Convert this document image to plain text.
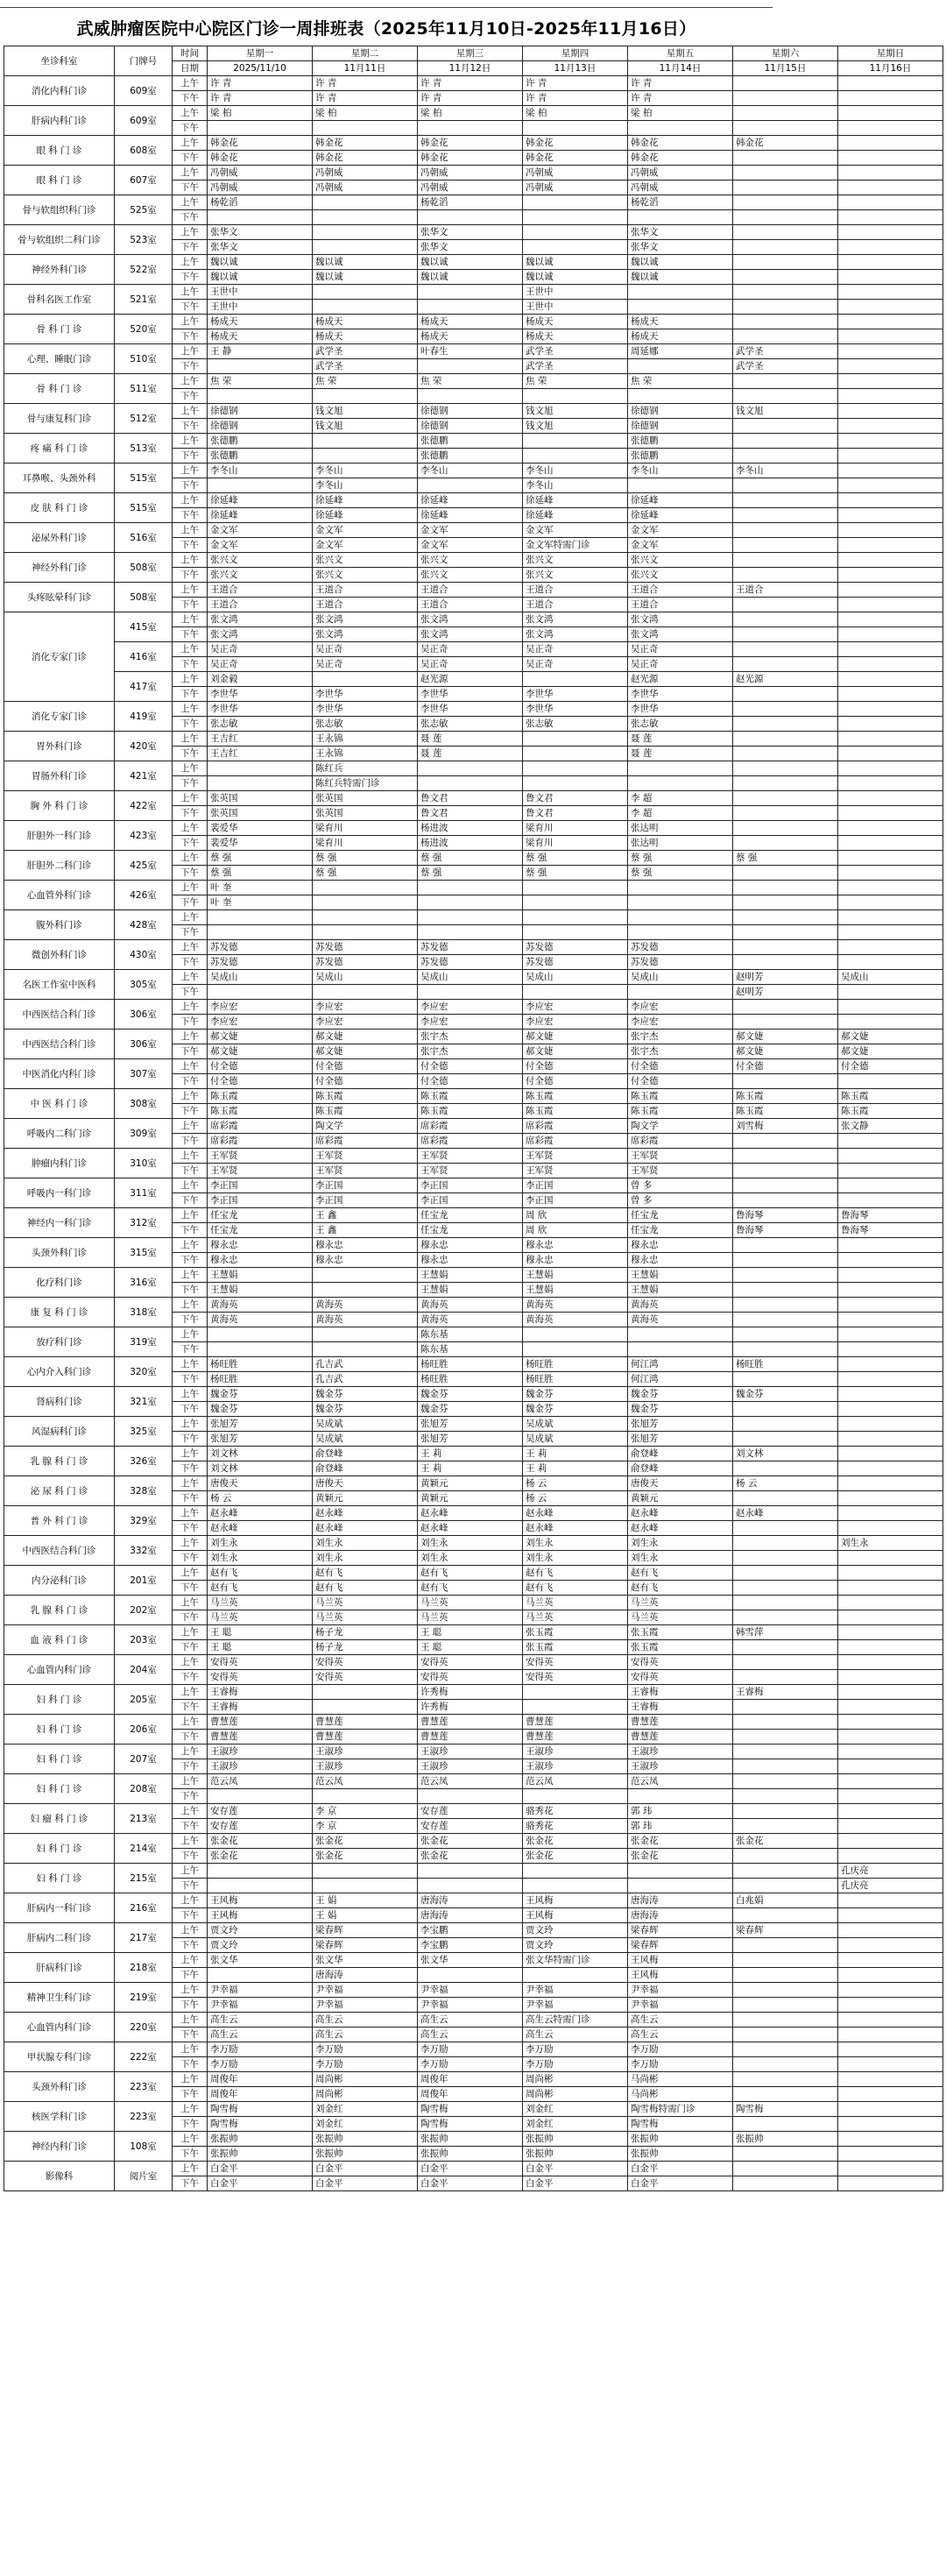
武威肿瘤医院中心院区门诊一周排班表（2025年11月10日-2025年11月16日）
坐诊科室	门牌号	时间	星期一	星期二	星期三	星期四	星期五	星期六	星期日
		日期	2025/11/10	11月11日	11月12日	11月13日	11月14日	11月15日	11月16日
消化内科门诊	609室	上午	许 青	许 青	许 青	许 青	许 青		
		下午	许 青	许 青	许 青	许 青	许 青		
肝病内科门诊	609室	上午	梁 柏	梁 柏	梁 柏	梁 柏	梁 柏		
		下午							
眼 科 门 诊	608室	上午	韩金花	韩金花	韩金花	韩金花	韩金花	韩金花	
		下午	韩金花	韩金花	韩金花	韩金花	韩金花		
眼 科 门 诊	607室	上午	冯朝威	冯朝威	冯朝威	冯朝威	冯朝威		
		下午	冯朝威	冯朝威	冯朝威	冯朝威	冯朝威		
骨与软组织科门诊	525室	上午	杨乾滔		杨乾滔		杨乾滔		
		下午							
骨与软组织二科门诊	523室	上午	张华文		张华文		张华文		
		下午	张华文		张华文		张华文		
神经外科门诊	522室	上午	魏以诚	魏以诚	魏以诚	魏以诚	魏以诚		
		下午	魏以诚	魏以诚	魏以诚	魏以诚	魏以诚		
骨科名医工作室	521室	上午	王世中			王世中			
		下午	王世中			王世中			
骨 科 门 诊	520室	上午	杨成天	杨成天	杨成天	杨成天	杨成天		
		下午	杨成天	杨成天	杨成天	杨成天	杨成天		
心理、睡眠门诊	510室	上午	王 静	武学圣	叶春生	武学圣	周延娜	武学圣	
		下午		武学圣		武学圣		武学圣	
骨 科 门 诊	511室	上午	焦 荣	焦 荣	焦 荣	焦 荣	焦 荣		
		下午							
骨与康复科门诊	512室	上午	徐德钢	钱文旭	徐德钢	钱文旭	徐德钢	钱文旭	
		下午	徐德钢	钱文旭	徐德钢	钱文旭	徐德钢		
疼 痛 科 门 诊	513室	上午	张德鹏		张德鹏		张德鹏		
		下午	张德鹏		张德鹏		张德鹏		
耳鼻喉、头颈外科	515室	上午	李冬山	李冬山	李冬山	李冬山	李冬山	李冬山	
		下午		李冬山		李冬山			
皮 肤 科 门 诊	515室	上午	徐延峰	徐延峰	徐延峰	徐延峰	徐延峰		
		下午	徐延峰	徐延峰	徐延峰	徐延峰	徐延峰		
泌尿外科门诊	516室	上午	金文军	金文军	金文军	金文军	金文军		
		下午	金文军	金文军	金文军	金文军特需门诊	金文军		
神经外科门诊	508室	上午	张兴文	张兴文	张兴文	张兴文	张兴文		
		下午	张兴文	张兴文	张兴文	张兴文	张兴文		
头疼眩晕科门诊	508室	上午	王道合	王道合	王道合	王道合	王道合	王道合	
		下午	王道合	王道合	王道合	王道合	王道合		
消化专家门诊	415室	上午	张文鸿	张文鸿	张文鸿	张文鸿	张文鸿		
		下午	张文鸿	张文鸿	张文鸿	张文鸿	张文鸿		
	416室	上午	吴正奇	吴正奇	吴正奇	吴正奇	吴正奇		
		下午	吴正奇	吴正奇	吴正奇	吴正奇	吴正奇		
	417室	上午	刘金毅		赵光源		赵光源	赵光源	
		下午	李世华	李世华	李世华	李世华	李世华		
消化专家门诊	419室	上午	李世华	李世华	李世华	李世华	李世华		
		下午	张志敏	张志敏	张志敏	张志敏	张志敏		
胃外科门诊	420室	上午	王吉红	王永锦	聂 莲		聂 莲		
		下午	王吉红	王永锦	聂 莲		聂 莲		
胃肠外科门诊	421室	上午		陈红兵					
		下午		陈红兵特需门诊					
胸 外 科 门 诊	422室	上午	张英国	张英国	鲁文君	鲁文君	李 超		
		下午	张英国	张英国	鲁文君	鲁文君	李 超		
肝胆外一科门诊	423室	上午	裴爱华	梁育川	杨进波	梁育川	张达明		
		下午	裴爱华	梁育川	杨进波	梁育川	张达明		
肝胆外二科门诊	425室	上午	蔡 强	蔡 强	蔡 强	蔡 强	蔡 强	蔡 强	
		下午	蔡 强	蔡 强	蔡 强	蔡 强	蔡 强		
心血管外科门诊	426室	上午	叶 奎						
		下午	叶 奎						
腹外科门诊	428室	上午							
		下午							
微创外科门诊	430室	上午	苏发德	苏发德	苏发德	苏发德	苏发德		
		下午	苏发德	苏发德	苏发德	苏发德	苏发德		
名医工作室中医科	305室	上午	吴成山	吴成山	吴成山	吴成山	吴成山	赵明芳	吴成山
		下午						赵明芳	
中西医结合科门诊	306室	上午	李应宏	李应宏	李应宏	李应宏	李应宏		
		下午	李应宏	李应宏	李应宏	李应宏	李应宏		
中西医结合科门诊	306室	上午	郝文婕	郝文婕	张宇杰	郝文婕	张宇杰	郝文婕	郝文婕
		下午	郝文婕	郝文婕	张宇杰	郝文婕	张宇杰	郝文婕	郝文婕
中医消化内科门诊	307室	上午	付全德	付全德	付全德	付全德	付全德	付全德	付全德
		下午	付全德	付全德	付全德	付全德	付全德		
中 医 科 门 诊	308室	上午	陈玉霞	陈玉霞	陈玉霞	陈玉霞	陈玉霞	陈玉霞	陈玉霞
		下午	陈玉霞	陈玉霞	陈玉霞	陈玉霞	陈玉霞	陈玉霞	陈玉霞
呼吸内二科门诊	309室	上午	席彩霞	陶文学	席彩霞	席彩霞	陶文学	刘雪梅	张文静
		下午	席彩霞	席彩霞	席彩霞	席彩霞	席彩霞		
肿瘤内科门诊	310室	上午	王军贤	王军贤	王军贤	王军贤	王军贤		
		下午	王军贤	王军贤	王军贤	王军贤	王军贤		
呼吸内一科门诊	311室	上午	李正国	李正国	李正国	李正国	曾 多		
		下午	李正国	李正国	李正国	李正国	曾 多		
神经内一科门诊	312室	上午	任宝龙	王 鑫	任宝龙	周 欣	任宝龙	鲁海琴	鲁海琴
		下午	任宝龙	王 鑫	任宝龙	周 欣	任宝龙	鲁海琴	鲁海琴
头颈外科门诊	315室	上午	穆永忠	穆永忠	穆永忠	穆永忠	穆永忠		
		下午	穆永忠	穆永忠	穆永忠	穆永忠	穆永忠		
化疗科门诊	316室	上午	王慧娟		王慧娟	王慧娟	王慧娟		
		下午	王慧娟		王慧娟	王慧娟	王慧娟		
康 复 科 门 诊	318室	上午	黄海英	黄海英	黄海英	黄海英	黄海英		
		下午	黄海英	黄海英	黄海英	黄海英	黄海英		
放疗科门诊	319室	上午			陈东基				
		下午			陈东基				
心内介入科门诊	320室	上午	杨旺胜	孔吉武	杨旺胜	杨旺胜	何江鸿	杨旺胜	
		下午	杨旺胜	孔吉武	杨旺胜	杨旺胜	何江鸿		
肾病科门诊	321室	上午	魏金芬	魏金芬	魏金芬	魏金芬	魏金芬	魏金芬	
		下午	魏金芬	魏金芬	魏金芬	魏金芬	魏金芬		
风湿病科门诊	325室	上午	张旭芳	吴成斌	张旭芳	吴成斌	张旭芳		
		下午	张旭芳	吴成斌	张旭芳	吴成斌	张旭芳		
乳 腺 科 门 诊	326室	上午	刘文林	俞登峰	王 莉	王 莉	俞登峰	刘文林	
		下午	刘文林	俞登峰	王 莉	王 莉	俞登峰		
泌 尿 科 门 诊	328室	上午	唐俊天	唐俊天	黄颖元	杨 云	唐俊天	杨 云	
		下午	杨 云	黄颖元	黄颖元	杨 云	黄颖元		
普 外 科 门 诊	329室	上午	赵永峰	赵永峰	赵永峰	赵永峰	赵永峰	赵永峰	
		下午	赵永峰	赵永峰	赵永峰	赵永峰	赵永峰		
中西医结合科门诊	332室	上午	刘生永	刘生永	刘生永	刘生永	刘生永		刘生永
		下午	刘生永	刘生永	刘生永	刘生永	刘生永		
内分泌科门诊	201室	上午	赵有飞	赵有飞	赵有飞	赵有飞	赵有飞		
		下午	赵有飞	赵有飞	赵有飞	赵有飞	赵有飞		
乳 腺 科 门 诊	202室	上午	马兰英	马兰英	马兰英	马兰英	马兰英		
		下午	马兰英	马兰英	马兰英	马兰英	马兰英		
血 液 科 门 诊	203室	上午	王 聪	杨子龙	王 聪	张玉霞	张玉霞	韩雪萍	
		下午	王 聪	杨子龙	王 聪	张玉霞	张玉霞		
心血管内科门诊	204室	上午	安得英	安得英	安得英	安得英	安得英		
		下午	安得英	安得英	安得英	安得英	安得英		
妇 科 门 诊	205室	上午	王睿梅		许秀梅		王睿梅	王睿梅	
		下午	王睿梅		许秀梅		王睿梅		
妇 科 门 诊	206室	上午	曹慧莲	曹慧莲	曹慧莲	曹慧莲	曹慧莲		
		下午	曹慧莲	曹慧莲	曹慧莲	曹慧莲	曹慧莲		
妇 科 门 诊	207室	上午	王淑珍	王淑珍	王淑珍	王淑珍	王淑珍		
		下午	王淑珍	王淑珍	王淑珍	王淑珍	王淑珍		
妇 科 门 诊	208室	上午	范云凤	范云凤	范云凤	范云凤	范云凤		
		下午							
妇 瘤 科 门 诊	213室	上午	安存莲	李 京	安存莲	骆秀花	郭 玮		
		下午	安存莲	李 京	安存莲	骆秀花	郭 玮		
妇 科 门 诊	214室	上午	张金花	张金花	张金花	张金花	张金花	张金花	
		下午	张金花	张金花	张金花	张金花	张金花		
妇 科 门 诊	215室	上午							孔庆亮
		下午							孔庆亮
肝病内一科门诊	216室	上午	王风梅	王 娟	唐海涛	王风梅	唐海涛	白兆娟	
		下午	王风梅	王 娟	唐海涛	王风梅	唐海涛		
肝病内二科门诊	217室	上午	贾文玲	梁春辉	李宝鹏	贾文玲	梁春辉	梁春辉	
		下午	贾文玲	梁春辉	李宝鹏	贾文玲	梁春辉		
肝病科门诊	218室	上午	张文华	张文华	张文华	张文华特需门诊	王风梅		
		下午		唐海涛			王风梅		
精神卫生科门诊	219室	上午	尹幸福	尹幸福	尹幸福	尹幸福	尹幸福		
		下午	尹幸福	尹幸福	尹幸福	尹幸福	尹幸福		
心血管内科门诊	220室	上午	高生云	高生云	高生云	高生云特需门诊	高生云		
		下午	高生云	高生云	高生云	高生云	高生云		
甲状腺专科门诊	222室	上午	李万励	李万励	李万励	李万励	李万励		
		下午	李万励	李万励	李万励	李万励	李万励		
头颈外科门诊	223室	上午	周俊年	周尚彬	周俊年	周尚彬	马尚彬		
		下午	周俊年	周尚彬	周俊年	周尚彬	马尚彬		
核医学科门诊	223室	上午	陶雪梅	刘金红	陶雪梅	刘金红	陶雪梅特需门诊	陶雪梅	
		下午	陶雪梅	刘金红	陶雪梅	刘金红	陶雪梅		
神经内科门诊	108室	上午	张振帅	张振帅	张振帅	张振帅	张振帅	张振帅	
		下午	张振帅	张振帅	张振帅	张振帅	张振帅		
影像科	阅片室	上午	白金平	白金平	白金平	白金平	白金平		
		下午	白金平	白金平	白金平	白金平	白金平		
